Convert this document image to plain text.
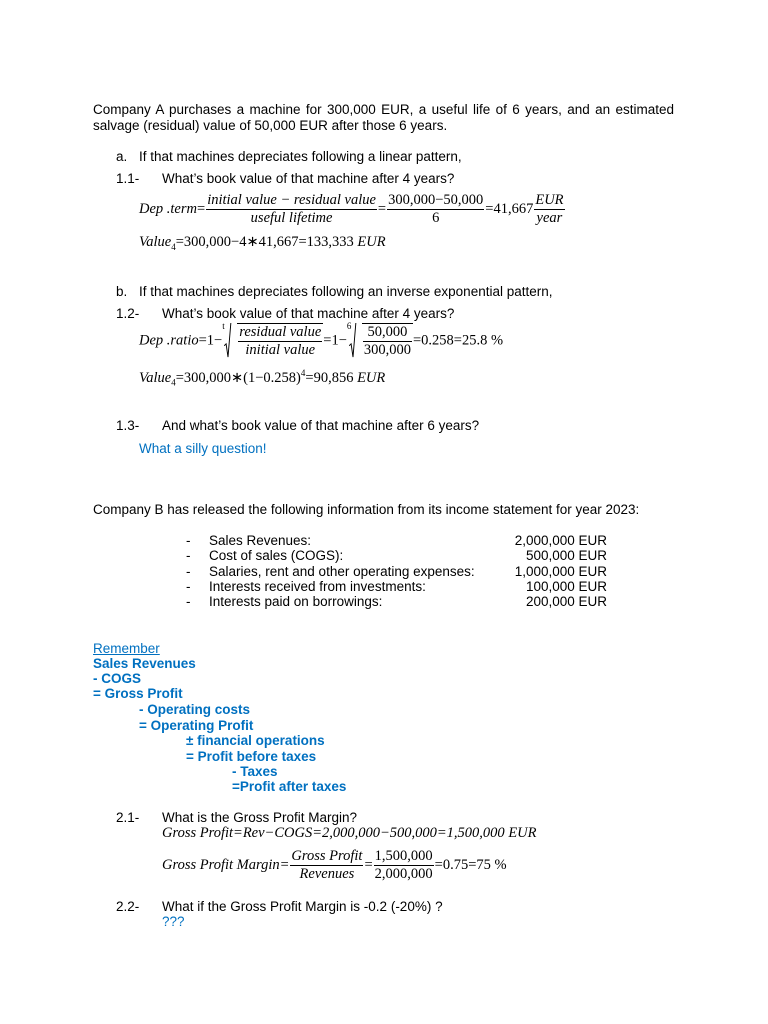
Company A purchases a machine for 300,000 EUR, a useful life of 6 years, and an estimated salvage (residual) value of 50,000 EUR after those 6 years.
a. If that machines depreciates following a linear pattern,
1.1- What’s book value of that machine after 4 years?
Dep .term= $\frac{\text{initial value − residual value}}{\text{useful lifetime}} = \frac{300,000-50,000}{6} =41,667 \frac{\text{EUR}}{\text{year}}$
Value$_4$=300,000−4∗41,667=133,333 EUR
b. If that machines depreciates following an inverse exponential pattern,
1.2- What’s book value of that machine after 4 years?
Dep .ratio=1−
t $\frac{\text{residual value}}{\text{initial value}} =1-$
$6 \frac{50,000}{300,000} =0.258=25.8$ %
$Value_4=300,000∗(1-0.258)^4=90,856$ EUR
1.3- And what’s book value of that machine after 6 years?
What a silly question!
Company B has released the following information from its income statement for year 2023:
- Sales Revenues:	2,000,000 EUR
- Cost of sales (COGS):	500,000 EUR
- Salaries, rent and other operating expenses:	1,000,000 EUR
- Interests received from investments:	100,000 EUR
- Interests paid on borrowings:	200,000 EUR
Remember
Sales Revenues
- COGS
= Gross Profit
- Operating costs
= Operating Profit
± financial operations
= Profit before taxes
- Taxes
=Profit after taxes
2.1- What is the Gross Profit Margin?
Gross Profit=Rev−COGS=2,000,000−500,000=1,500,000 EUR
Gross Profit Margin= $\frac{\text{Gross Profit}}{\text{Revenues}} = \frac{1,500,000}{2,000,000} =0.75=75$ %
2.2- What if the Gross Profit Margin is -0.2 (-20%) ?
???
